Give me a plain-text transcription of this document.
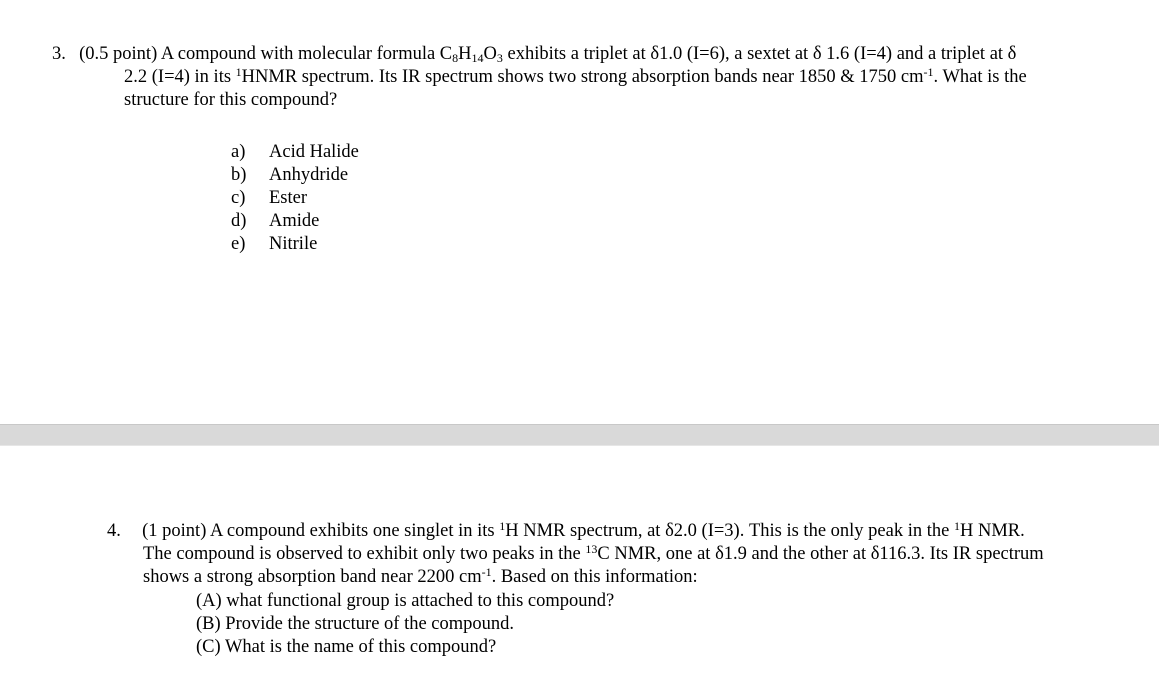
3. (0.5 point) A compound with molecular formula $C_8H_{14}O_3$ exhibits a triplet at δ1.0 (I=6), a sextet at δ 1.6 (I=4) and a triplet at δ
2.2 (I=4) in its $^1$HNMR spectrum. Its IR spectrum shows two strong absorption bands near 1850 & 1750 $cm^{-1}$. What is the
structure for this compound?
a) Acid Halide
b) Anhydride
c) Ester
d) Amide
e) Nitrile
4. (1 point) A compound exhibits one singlet in its $^1$H NMR spectrum, at δ2.0 (I=3). This is the only peak in the $^1$H NMR.
The compound is observed to exhibit only two peaks in the $^{13}$C NMR, one at δ1.9 and the other at δ116.3. Its IR spectrum
shows a strong absorption band near 2200 $cm^{-1}$. Based on this information:
(A) what functional group is attached to this compound?
(B) Provide the structure of the compound.
(C) What is the name of this compound?
